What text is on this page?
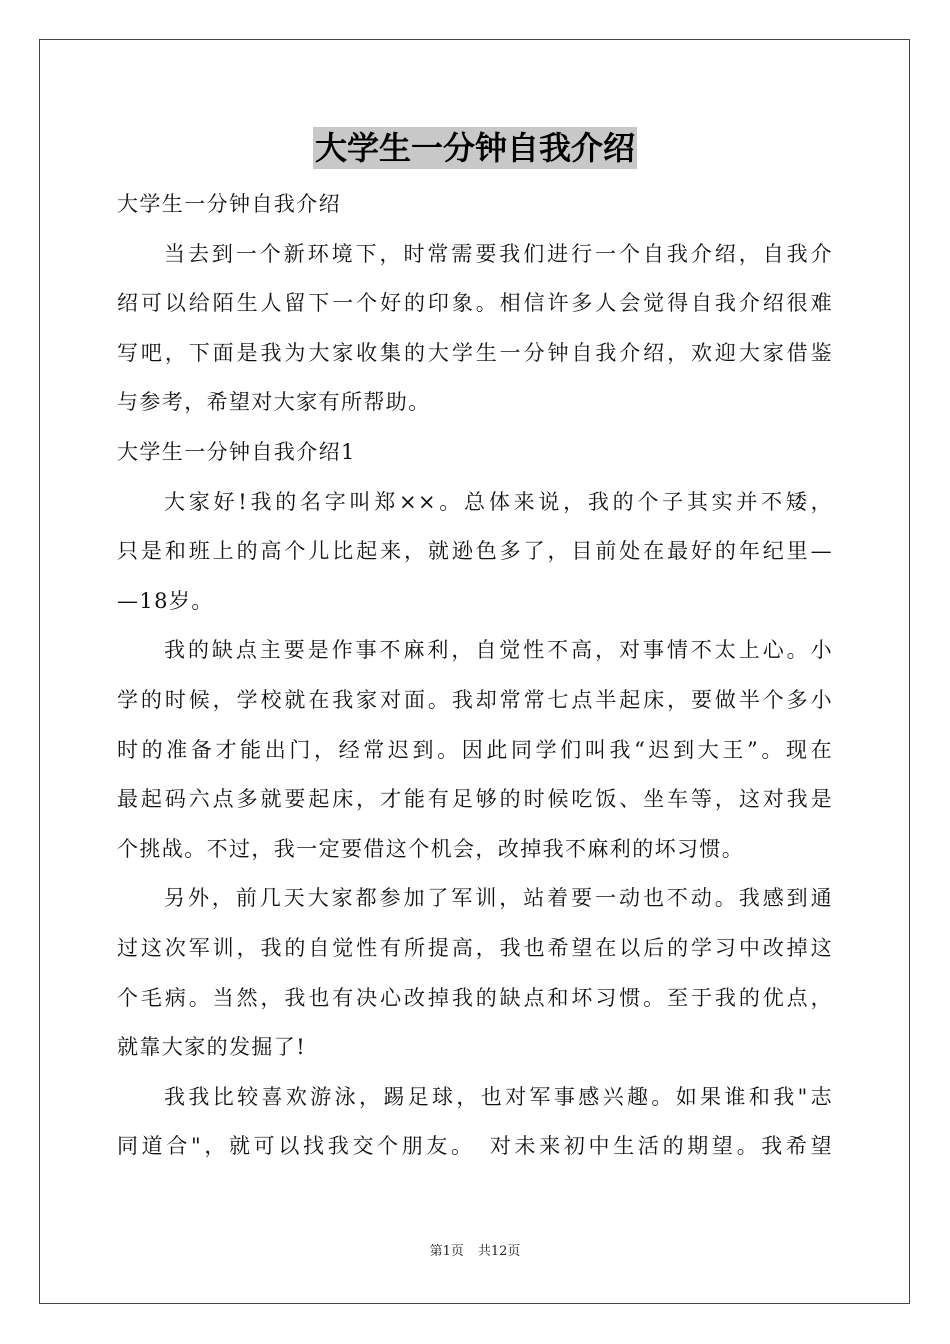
大学生一分钟自我介绍
大学生一分钟自我介绍
当去到一个新环境下，时常需要我们进行一个自我介绍，自我介
绍可以给陌生人留下一个好的印象。相信许多人会觉得自我介绍很难
写吧，下面是我为大家收集的大学生一分钟自我介绍，欢迎大家借鉴
与参考，希望对大家有所帮助。
大学生一分钟自我介绍1
大家好!我的名字叫郑××。总体来说，我的个子其实并不矮，
只是和班上的高个儿比起来，就逊色多了，目前处在最好的年纪里—
—18岁。
我的缺点主要是作事不麻利，自觉性不高，对事情不太上心。小
学的时候，学校就在我家对面。我却常常七点半起床，要做半个多小
时的准备才能出门，经常迟到。因此同学们叫我“迟到大王”。现在
最起码六点多就要起床，才能有足够的时候吃饭、坐车等，这对我是
个挑战。不过，我一定要借这个机会，改掉我不麻利的坏习惯。
另外，前几天大家都参加了军训，站着要一动也不动。我感到通
过这次军训，我的自觉性有所提高，我也希望在以后的学习中改掉这
个毛病。当然，我也有决心改掉我的缺点和坏习惯。至于我的优点，
就靠大家的发掘了!
我我比较喜欢游泳，踢足球，也对军事感兴趣。如果谁和我"志
同道合"，就可以找我交个朋友。　对未来初中生活的期望。我希望
第1页 共12页
